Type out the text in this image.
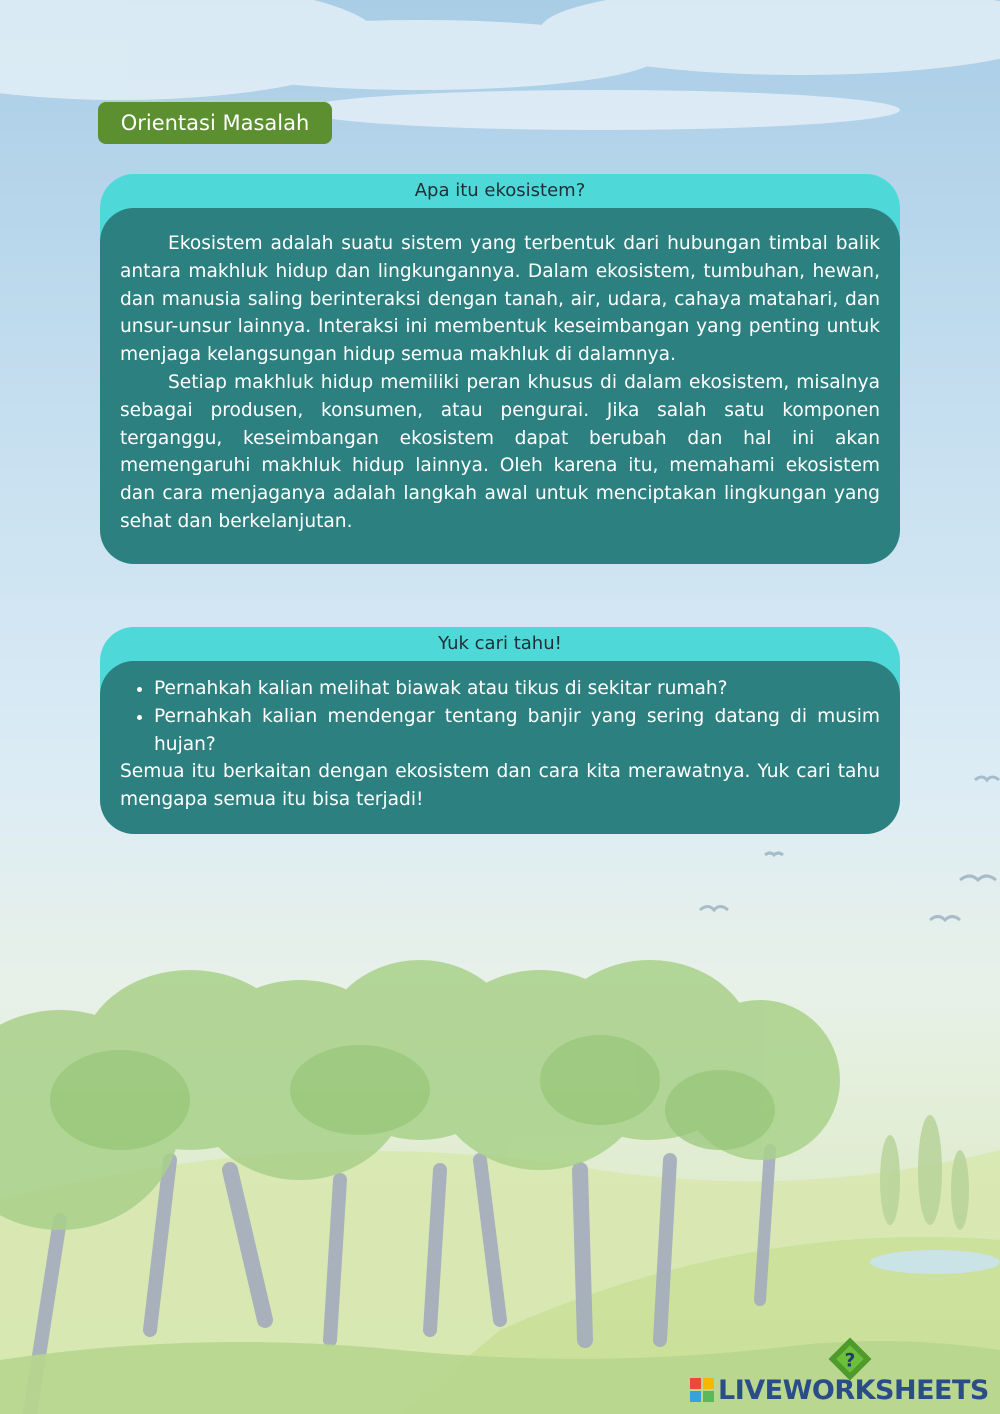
Orientasi Masalah
Apa itu ekosistem?

Ekosistem adalah suatu sistem yang terbentuk dari hubungan timbal balik antara makhluk hidup dan lingkungannya. Dalam ekosistem, tumbuhan, hewan, dan manusia saling berinteraksi dengan tanah, air, udara, cahaya matahari, dan unsur-unsur lainnya. Interaksi ini membentuk keseimbangan yang penting untuk menjaga kelangsungan hidup semua makhluk di dalamnya.

Setiap makhluk hidup memiliki peran khusus di dalam ekosistem, misalnya sebagai produsen, konsumen, atau pengurai. Jika salah satu komponen terganggu, keseimbangan ekosistem dapat berubah dan hal ini akan memengaruhi makhluk hidup lainnya. Oleh karena itu, memahami ekosistem dan cara menjaganya adalah langkah awal untuk menciptakan lingkungan yang sehat dan berkelanjutan.

Yuk cari tahu!
• Pernahkah kalian melihat biawak atau tikus di sekitar rumah?
• Pernahkah kalian mendengar tentang banjir yang sering datang di musim hujan?

Semua itu berkaitan dengan ekosistem dan cara kita merawatnya. Yuk cari tahu mengapa semua itu bisa terjadi!

?
LIVEWORKSHEETS
